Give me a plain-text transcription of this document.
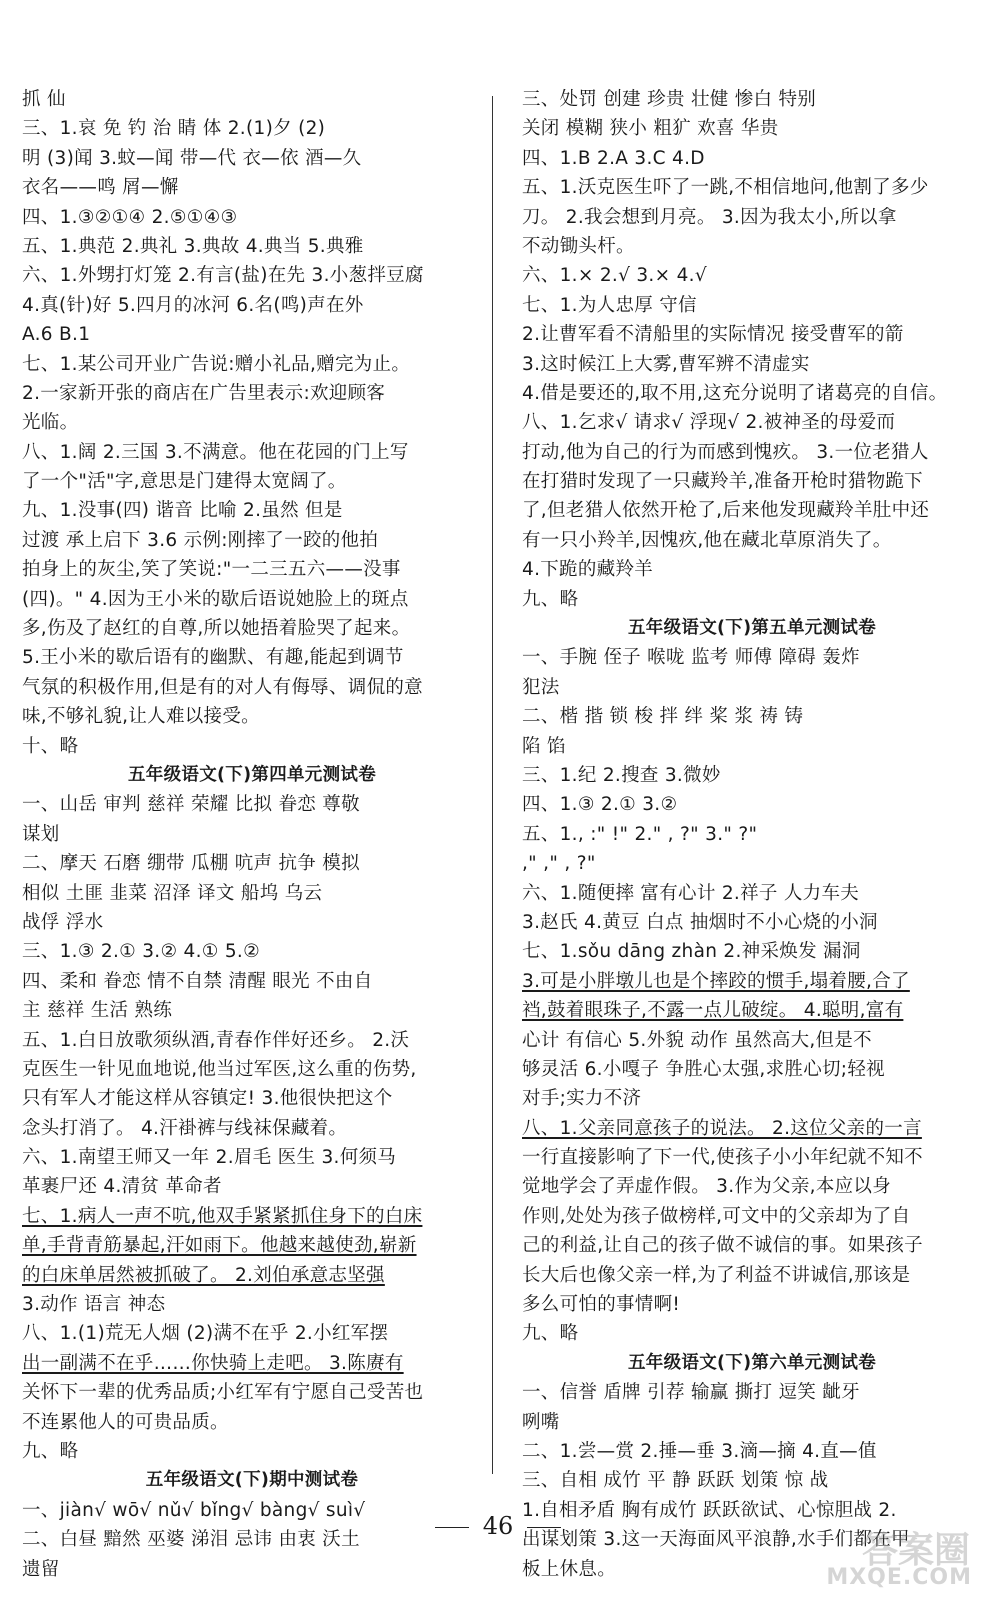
抓 仙
三、1.哀 免 钓 治 睛 体 2.(1)夕 (2)
明 (3)闻 3.蚊—闻 带—代 衣—依 酒—久
衣名——鸣 屑—懈
四、1.③②①④ 2.⑤①④③
五、1.典范 2.典礼 3.典故 4.典当 5.典雅
六、1.外甥打灯笼 2.有言(盐)在先 3.小葱拌豆腐
4.真(针)好 5.四月的冰河 6.名(鸣)声在外
A.6 B.1
七、1.某公司开业广告说:赠小礼品,赠完为止。
2.一家新开张的商店在广告里表示:欢迎顾客
光临。
八、1.阔 2.三国 3.不满意。他在花园的门上写
了一个"活"字,意思是门建得太宽阔了。
九、1.没事(四) 谐音 比喻 2.虽然 但是
过渡 承上启下 3.6 示例:刚摔了一跤的他拍
拍身上的灰尘,笑了笑说:"一二三五六——没事
(四)。" 4.因为王小米的歇后语说她脸上的斑点
多,伤及了赵红的自尊,所以她捂着脸哭了起来。
5.王小米的歇后语有的幽默、有趣,能起到调节
气氛的积极作用,但是有的对人有侮辱、调侃的意
味,不够礼貌,让人难以接受。
十、略
五年级语文(下)第四单元测试卷
一、山岳 审判 慈祥 荣耀 比拟 眷恋 尊敬
谋划
二、摩天 石磨 绷带 瓜棚 吭声 抗争 模拟
相似 土匪 韭菜 沼泽 译文 船坞 乌云
战俘 浮水
三、1.③ 2.① 3.② 4.① 5.②
四、柔和 眷恋 情不自禁 清醒 眼光 不由自
主 慈祥 生活 熟练
五、1.白日放歌须纵酒,青春作伴好还乡。 2.沃
克医生一针见血地说,他当过军医,这么重的伤势,
只有军人才能这样从容镇定! 3.他很快把这个
念头打消了。 4.汗褂裤与线袜保藏着。
六、1.南望王师又一年 2.眉毛 医生 3.何须马
革裹尸还 4.清贫 革命者
七、1.病人一声不吭,他双手紧紧抓住身下的白床
单,手背青筋暴起,汗如雨下。他越来越使劲,崭新
的白床单居然被抓破了。 2.刘伯承意志坚强
3.动作 语言 神态
八、1.(1)荒无人烟 (2)满不在乎 2.小红军摆
出一副满不在乎……你快骑上走吧。 3.陈赓有
关怀下一辈的优秀品质;小红军有宁愿自己受苦也
不连累他人的可贵品质。
九、略
五年级语文(下)期中测试卷
一、jiàn√ wō√ nǔ√ bǐng√ bàng√ suì√
二、白昼 黯然 巫婆 涕泪 忌讳 由衷 沃土
遗留
三、处罚 创建 珍贵 壮健 惨白 特别
关闭 模糊 狭小 粗犷 欢喜 华贵
四、1.B 2.A 3.C 4.D
五、1.沃克医生吓了一跳,不相信地问,他割了多少
刀。 2.我会想到月亮。 3.因为我太小,所以拿
不动锄头杆。
六、1.× 2.√ 3.× 4.√
七、1.为人忠厚 守信
2.让曹军看不清船里的实际情况 接受曹军的箭
3.这时候江上大雾,曹军辨不清虚实
4.借是要还的,取不用,这充分说明了诸葛亮的自信。
八、1.乞求√ 请求√ 浮现√ 2.被神圣的母爱而
打动,他为自己的行为而感到愧疚。 3.一位老猎人
在打猎时发现了一只藏羚羊,准备开枪时猎物跪下
了,但老猎人依然开枪了,后来他发现藏羚羊肚中还
有一只小羚羊,因愧疚,他在藏北草原消失了。
4.下跪的藏羚羊
九、略
五年级语文(下)第五单元测试卷
一、手腕 侄子 喉咙 监考 师傅 障碍 轰炸
犯法
二、楷 揩 锁 梭 拌 绊 桨 浆 祷 铸
陷 馅
三、1.纪 2.搜查 3.微妙
四、1.③ 2.① 3.②
五、1., :" !" 2." , ?" 3." ?"
," ," , ?"
六、1.随便摔 富有心计 2.祥子 人力车夫
3.赵氏 4.黄豆 白点 抽烟时不小心烧的小洞
七、1.sǒu dāng zhàn 2.神采焕发 漏洞
3.可是小胖墩儿也是个摔跤的惯手,塌着腰,合了
裆,鼓着眼珠子,不露一点儿破绽。 4.聪明,富有
心计 有信心 5.外貌 动作 虽然高大,但是不
够灵活 6.小嘎子 争胜心太强,求胜心切;轻视
对手;实力不济
八、1.父亲同意孩子的说法。 2.这位父亲的一言
一行直接影响了下一代,使孩子小小年纪就不知不
觉地学会了弄虚作假。 3.作为父亲,本应以身
作则,处处为孩子做榜样,可文中的父亲却为了自
己的利益,让自己的孩子做不诚信的事。如果孩子
长大后也像父亲一样,为了利益不讲诚信,那该是
多么可怕的事情啊!
九、略
五年级语文(下)第六单元测试卷
一、信誉 盾牌 引荐 输赢 撕打 逗笑 龇牙
咧嘴
二、1.尝—赏 2.捶—垂 3.滴—摘 4.直—值
三、自相 成竹 平 静 跃跃 划策 惊 战
1.自相矛盾 胸有成竹 跃跃欲试、心惊胆战 2.
出谋划策 3.这一天海面风平浪静,水手们都在甲
板上休息。
46
答案圈
MXQE.COM
